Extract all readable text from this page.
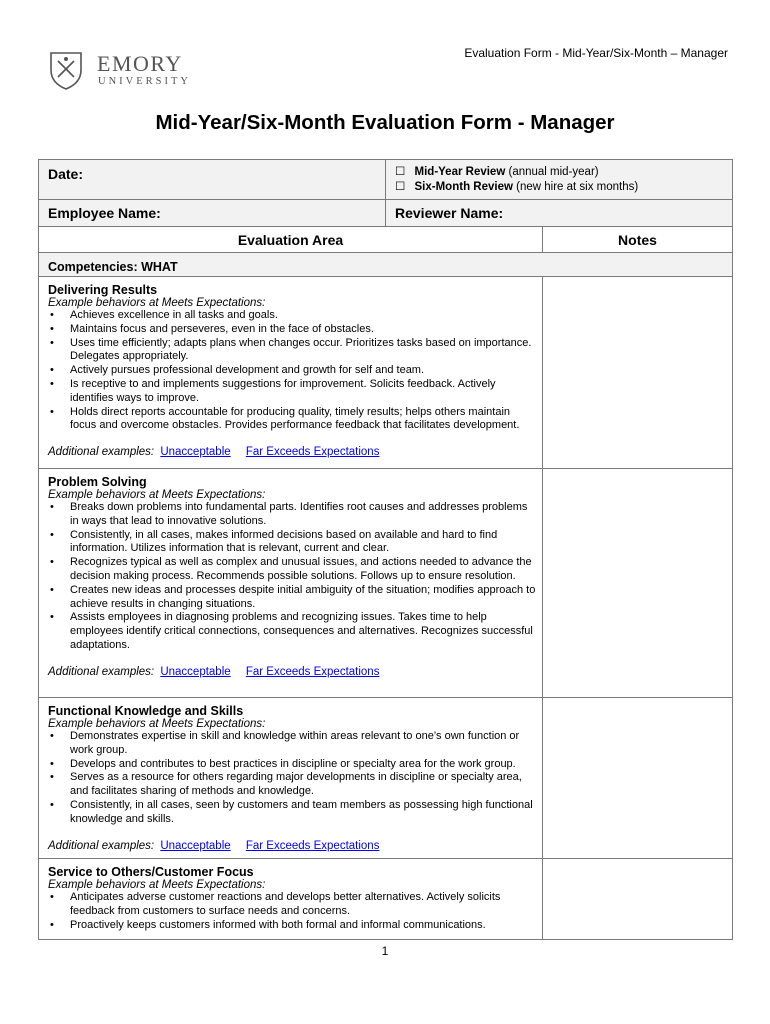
EMORY
UNIVERSITY
Evaluation Form - Mid-Year/Six-Month – Manager
Mid-Year/Six-Month Evaluation Form - Manager
Date:	☐ Mid-Year Review (annual mid-year)
☐ Six-Month Review (new hire at six months)
Employee Name:	Reviewer Name:
Evaluation Area	Notes
Competencies: WHAT
Delivering Results
Example behaviors at Meets Expectations:
• Achieves excellence in all tasks and goals.
• Maintains focus and perseveres, even in the face of obstacles.
• Uses time efficiently; adapts plans when changes occur. Prioritizes tasks based on importance. Delegates appropriately.
• Actively pursues professional development and growth for self and team.
• Is receptive to and implements suggestions for improvement. Solicits feedback. Actively identifies ways to improve.
• Holds direct reports accountable for producing quality, timely results; helps others maintain focus and overcome obstacles. Provides performance feedback that facilitates development.
Additional examples: Unacceptable Far Exceeds Expectations
Problem Solving
Example behaviors at Meets Expectations:
• Breaks down problems into fundamental parts. Identifies root causes and addresses problems in ways that lead to innovative solutions.
• Consistently, in all cases, makes informed decisions based on available and hard to find information. Utilizes information that is relevant, current and clear.
• Recognizes typical as well as complex and unusual issues, and actions needed to advance the decision making process. Recommends possible solutions. Follows up to ensure resolution.
• Creates new ideas and processes despite initial ambiguity of the situation; modifies approach to achieve results in changing situations.
• Assists employees in diagnosing problems and recognizing issues. Takes time to help employees identify critical connections, consequences and alternatives. Recognizes successful adaptations.
Additional examples: Unacceptable Far Exceeds Expectations
Functional Knowledge and Skills
Example behaviors at Meets Expectations:
• Demonstrates expertise in skill and knowledge within areas relevant to one’s own function or work group.
• Develops and contributes to best practices in discipline or specialty area for the work group.
• Serves as a resource for others regarding major developments in discipline or specialty area, and facilitates sharing of methods and knowledge.
• Consistently, in all cases, seen by customers and team members as possessing high functional knowledge and skills.
Additional examples: Unacceptable Far Exceeds Expectations
Service to Others/Customer Focus
Example behaviors at Meets Expectations:
• Anticipates adverse customer reactions and develops better alternatives. Actively solicits feedback from customers to surface needs and concerns.
• Proactively keeps customers informed with both formal and informal communications.
1
